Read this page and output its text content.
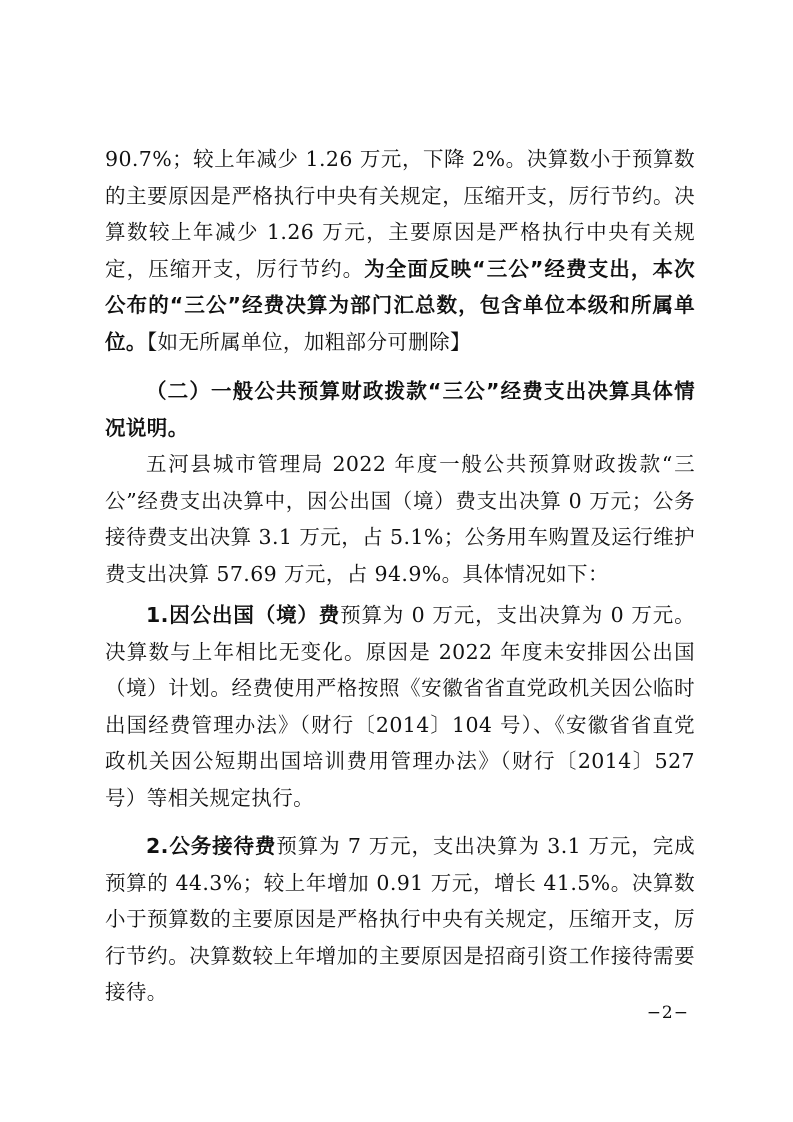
90.7%；较上年减少 1.26 万元，下降 2%。决算数小于预算数的主要原因是严格执行中央有关规定，压缩开支，厉行节约。决算数较上年减少 1.26 万元，主要原因是严格执行中央有关规定，压缩开支，厉行节约。为全面反映“三公”经费支出，本次公布的“三公”经费决算为部门汇总数，包含单位本级和所属单位。【如无所属单位，加粗部分可删除】

（二）一般公共预算财政拨款“三公”经费支出决算具体情况说明。

五河县城市管理局 2022 年度一般公共预算财政拨款“三公”经费支出决算中，因公出国（境）费支出决算 0 万元；公务接待费支出决算 3.1 万元，占 5.1%；公务用车购置及运行维护费支出决算 57.69 万元，占 94.9%。具体情况如下：

1.因公出国（境）费预算为 0 万元，支出决算为 0 万元。决算数与上年相比无变化。原因是 2022 年度未安排因公出国（境）计划。经费使用严格按照《安徽省省直党政机关因公临时出国经费管理办法》（财行〔2014〕104 号）、《安徽省省直党政机关因公短期出国培训费用管理办法》（财行〔2014〕527 号）等相关规定执行。

2.公务接待费预算为 7 万元，支出决算为 3.1 万元，完成预算的 44.3%；较上年增加 0.91 万元，增长 41.5%。决算数小于预算数的主要原因是严格执行中央有关规定，压缩开支，厉行节约。决算数较上年增加的主要原因是招商引资工作接待需要接待。

−2−
